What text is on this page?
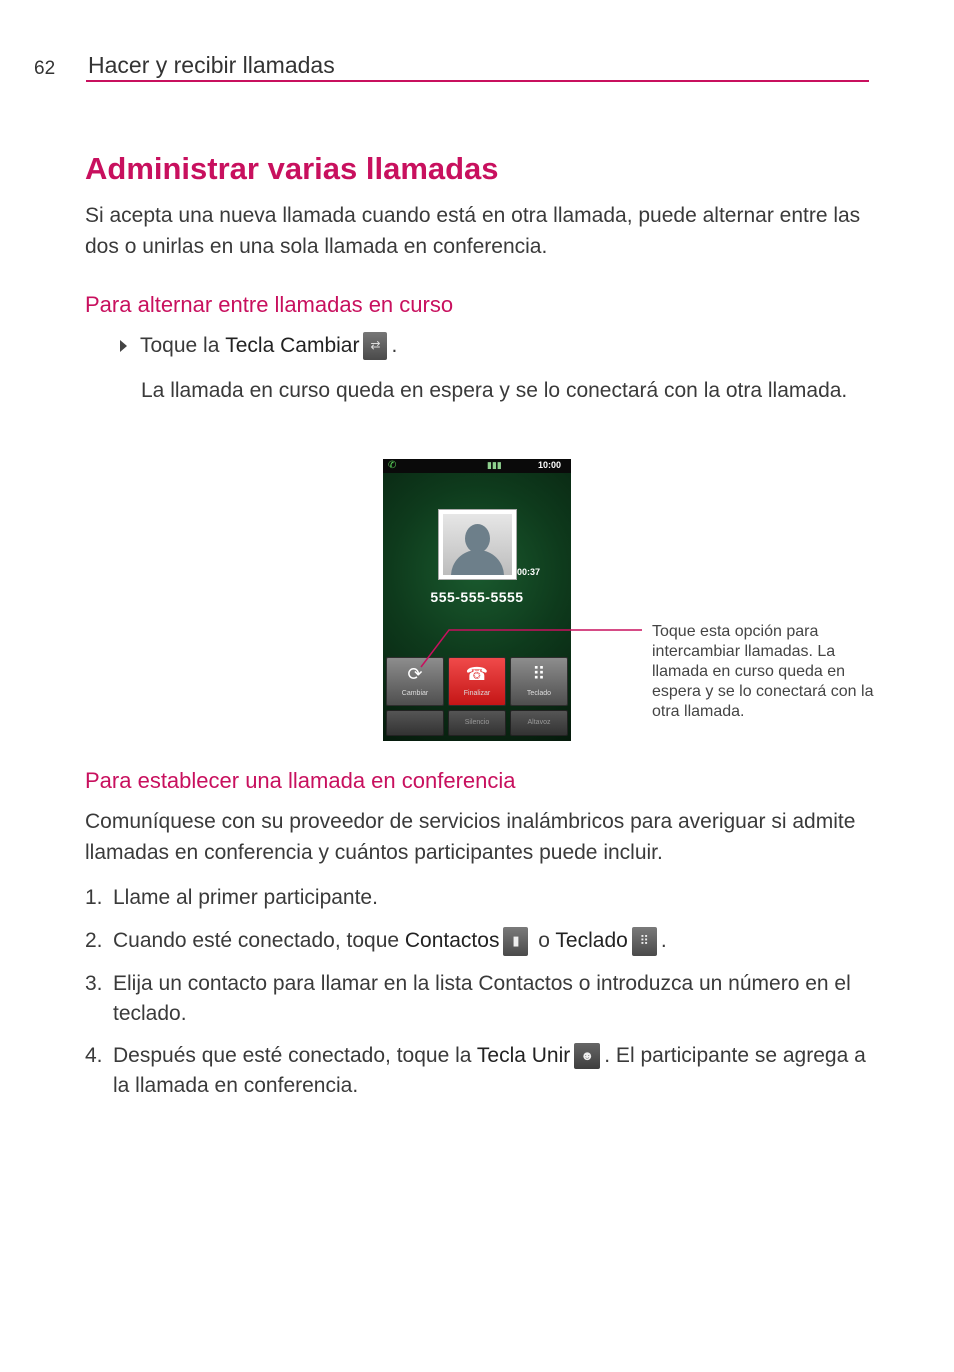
62 Hacer y recibir llamadas
Administrar varias llamadas
Si acepta una nueva llamada cuando está en otra llamada, puede alternar entre las dos o unirlas en una sola llamada en conferencia.
Para alternar entre llamadas en curso
Toque la
Tecla Cambiar ⇄ .
La llamada en curso queda en espera y se lo conectará con la otra llamada.
✆	▮▮▮	10:00
00:37
555-555-5555
⟳
Cambiar
☎
Finalizar
⠿
Teclado
Silencio	Altavoz
Toque esta opción para intercambiar llamadas. La llamada en curso queda en espera y se lo conectará con la otra llamada.
Para establecer una llamada en conferencia
Comuníquese con su proveedor de servicios inalámbricos para averiguar si admite llamadas en conferencia y cuántos participantes puede incluir.
1. Llame al primer participante.
2. Cuando esté conectado, toque Contactos ▮ o Teclado ⠿ .
3. Elija un contacto para llamar en la lista Contactos o introduzca un número en el teclado.
4. Después que esté conectado, toque la Tecla Unir ☻ . El participante se agrega a la llamada en conferencia.
